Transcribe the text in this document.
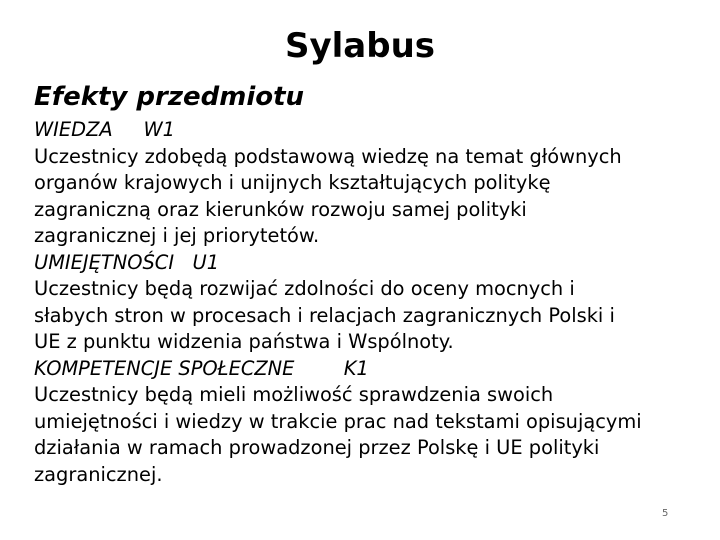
Sylabus
Efekty przedmiotu
WIEDZA     W1
Uczestnicy zdobędą podstawową wiedzę na temat głównych
organów krajowych i unijnych kształtujących politykę
zagraniczną oraz kierunków rozwoju samej polityki
zagranicznej i jej priorytetów.
UMIEJĘTNOŚCI   U1
Uczestnicy będą rozwijać zdolności do oceny mocnych i
słabych stron w procesach i relacjach zagranicznych Polski i
UE z punktu widzenia państwa i Wspólnoty.
KOMPETENCJE SPOŁECZNE        K1
Uczestnicy będą mieli możliwość sprawdzenia swoich
umiejętności i wiedzy w trakcie prac nad tekstami opisującymi
działania w ramach prowadzonej przez Polskę i UE polityki
zagranicznej.
5
